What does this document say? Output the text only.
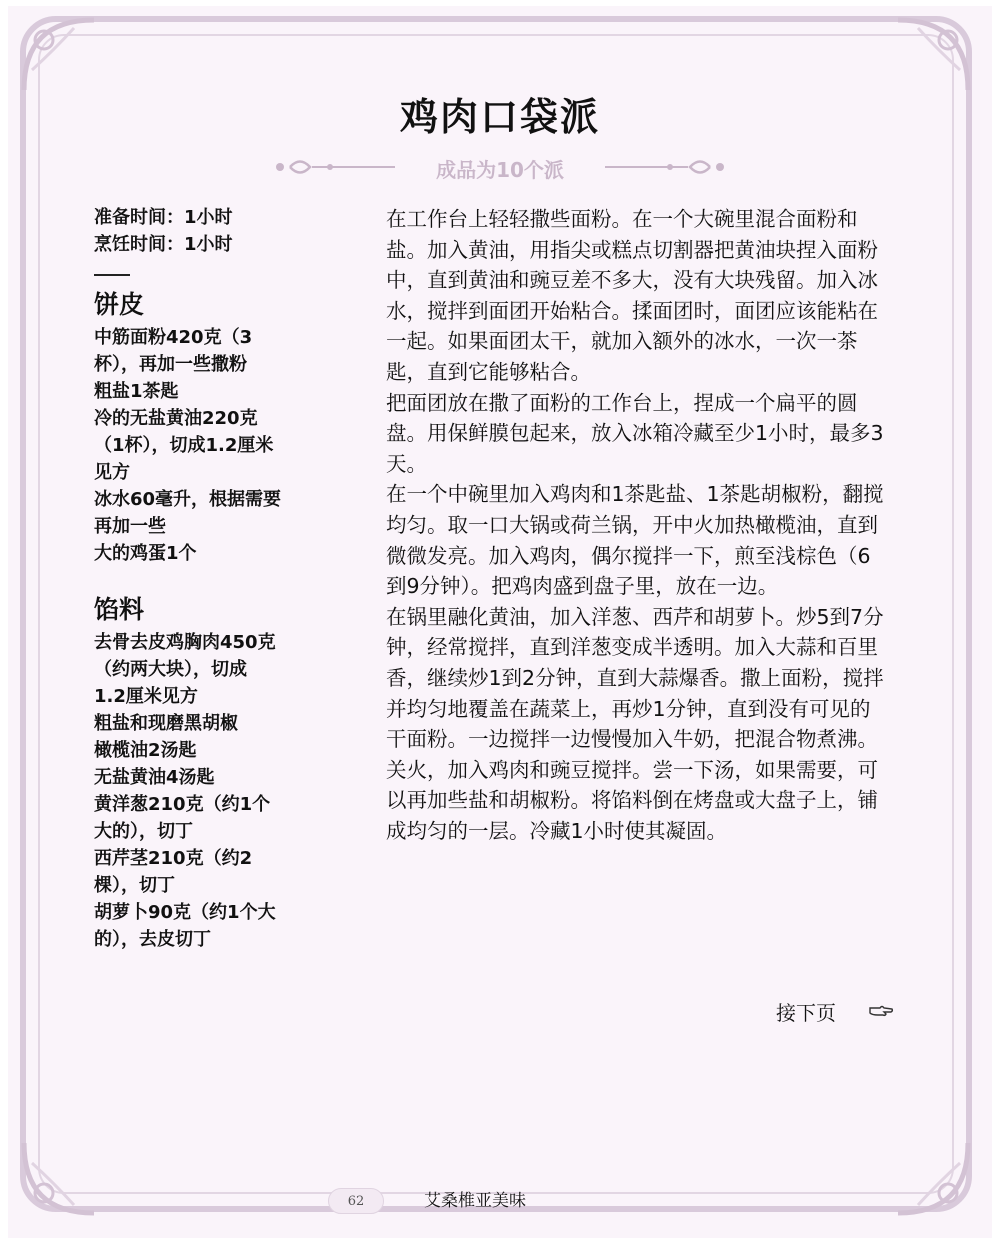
鸡肉口袋派
成品为10个派
准备时间：1小时
烹饪时间：1小时
饼皮
中筋面粉420克（3
杯），再加一些撒粉
粗盐1茶匙
冷的无盐黄油220克
（1杯），切成1.2厘米
见方
冰水60毫升，根据需要
再加一些
大的鸡蛋1个
馅料
去骨去皮鸡胸肉450克
（约两大块），切成
1.2厘米见方
粗盐和现磨黑胡椒
橄榄油2汤匙
无盐黄油4汤匙
黄洋葱210克（约1个
大的），切丁
西芹茎210克（约2
棵），切丁
胡萝卜90克（约1个大
的），去皮切丁

在工作台上轻轻撒些面粉。在一个大碗里混合面粉和盐。加入黄油，用指尖或糕点切割器把黄油块捏入面粉中，直到黄油和豌豆差不多大，没有大块残留。加入冰水，搅拌到面团开始粘合。揉面团时，面团应该能粘在一起。如果面团太干，就加入额外的冰水，一次一茶匙，直到它能够粘合。

把面团放在撒了面粉的工作台上，捏成一个扁平的圆盘。用保鲜膜包起来，放入冰箱冷藏至少1小时，最多3天。

在一个中碗里加入鸡肉和1茶匙盐、1茶匙胡椒粉，翻搅均匀。取一口大锅或荷兰锅，开中火加热橄榄油，直到微微发亮。加入鸡肉，偶尔搅拌一下，煎至浅棕色（6到9分钟）。把鸡肉盛到盘子里，放在一边。

在锅里融化黄油，加入洋葱、西芹和胡萝卜。炒5到7分钟，经常搅拌，直到洋葱变成半透明。加入大蒜和百里香，继续炒1到2分钟，直到大蒜爆香。撒上面粉，搅拌并均匀地覆盖在蔬菜上，再炒1分钟，直到没有可见的干面粉。一边搅拌一边慢慢加入牛奶，把混合物煮沸。关火，加入鸡肉和豌豆搅拌。尝一下汤，如果需要，可以再加些盐和胡椒粉。将馅料倒在烤盘或大盘子上，铺成均匀的一层。冷藏1小时使其凝固。

接下页
62	艾桑椎亚美味
